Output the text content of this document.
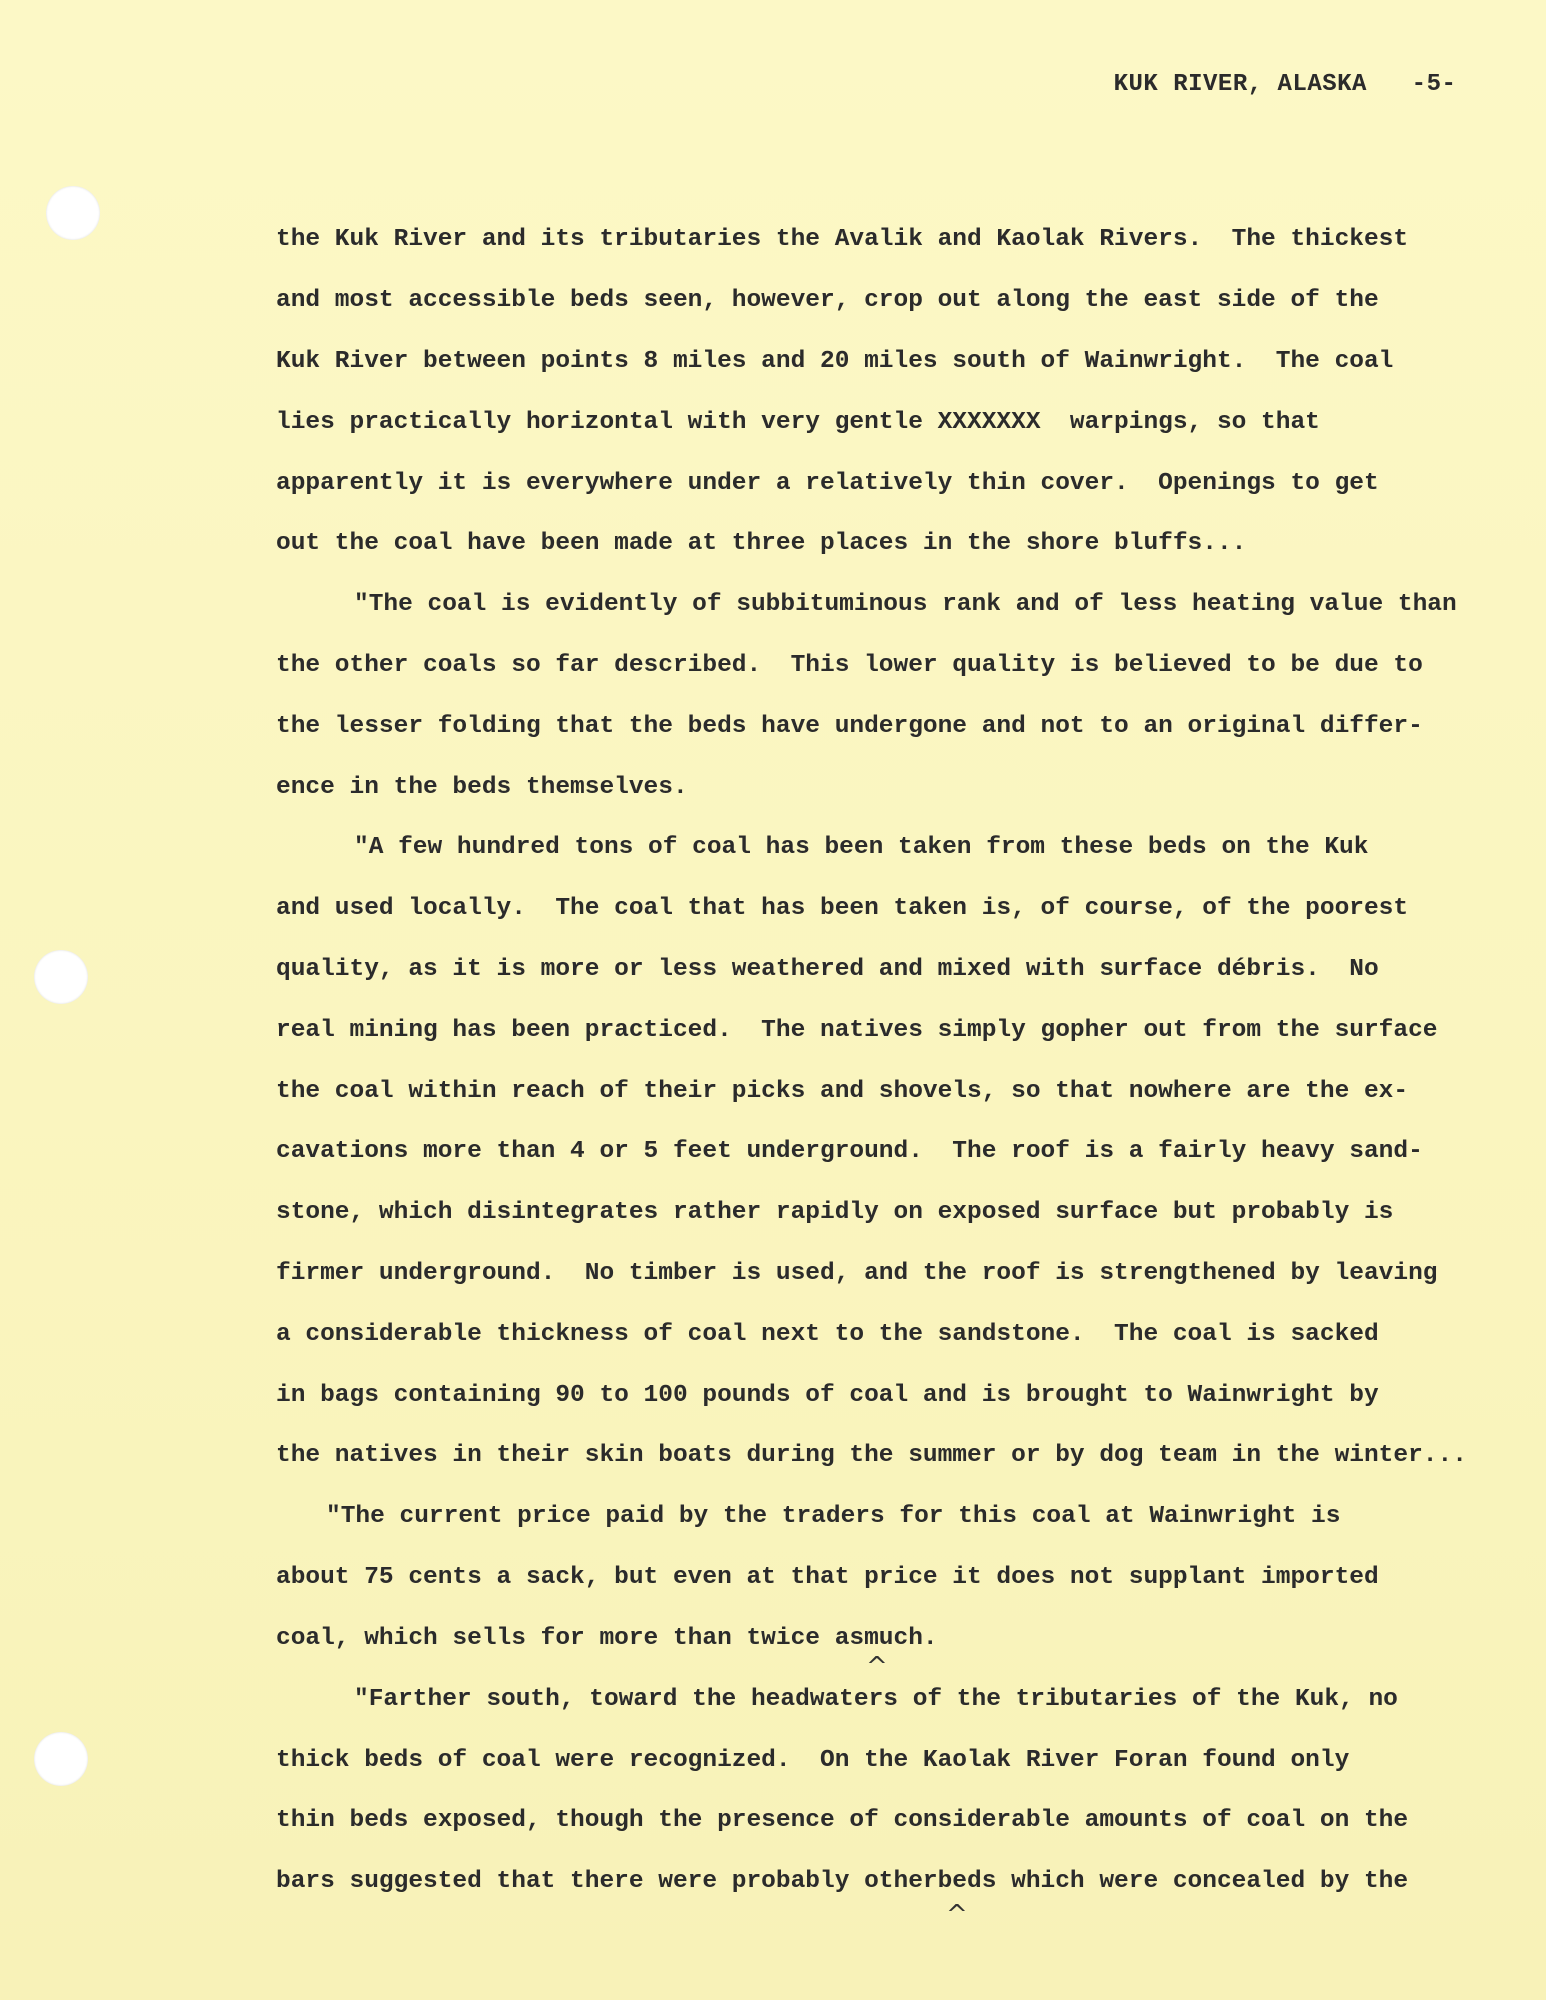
KUK RIVER, ALASKA -5-

the Kuk River and its tributaries the Avalik and Kaolak Rivers.  The thickest
and most accessible beds seen, however, crop out along the east side of the
Kuk River between points 8 miles and 20 miles south of Wainwright.  The coal
lies practically horizontal with very gentle XXXXXXX  warpings, so that
apparently it is everywhere under a relatively thin cover.  Openings to get
out the coal have been made at three places in the shore bluffs...
"The coal is evidently of subbituminous rank and of less heating value than
the other coals so far described.  This lower quality is believed to be due to
the lesser folding that the beds have undergone and not to an original differ-
ence in the beds themselves.
"A few hundred tons of coal has been taken from these beds on the Kuk
and used locally.  The coal that has been taken is, of course, of the poorest
quality, as it is more or less weathered and mixed with surface débris.  No
real mining has been practiced.  The natives simply gopher out from the surface
the coal within reach of their picks and shovels, so that nowhere are the ex-
cavations more than 4 or 5 feet underground.  The roof is a fairly heavy sand-
stone, which disintegrates rather rapidly on exposed surface but probably is
firmer underground.  No timber is used, and the roof is strengthened by leaving
a considerable thickness of coal next to the sandstone.  The coal is sacked
in bags containing 90 to 100 pounds of coal and is brought to Wainwright by
the natives in their skin boats during the summer or by dog team in the winter...
"The current price paid by the traders for this coal at Wainwright is
about 75 cents a sack, but even at that price it does not supplant imported
coal, which sells for more than twice asmuch.
"Farther south, toward the headwaters of the tributaries of the Kuk, no
thick beds of coal were recognized.  On the Kaolak River Foran found only
thin beds exposed, though the presence of considerable amounts of coal on the
bars suggested that there were probably otherbeds which were concealed by the
^
^
